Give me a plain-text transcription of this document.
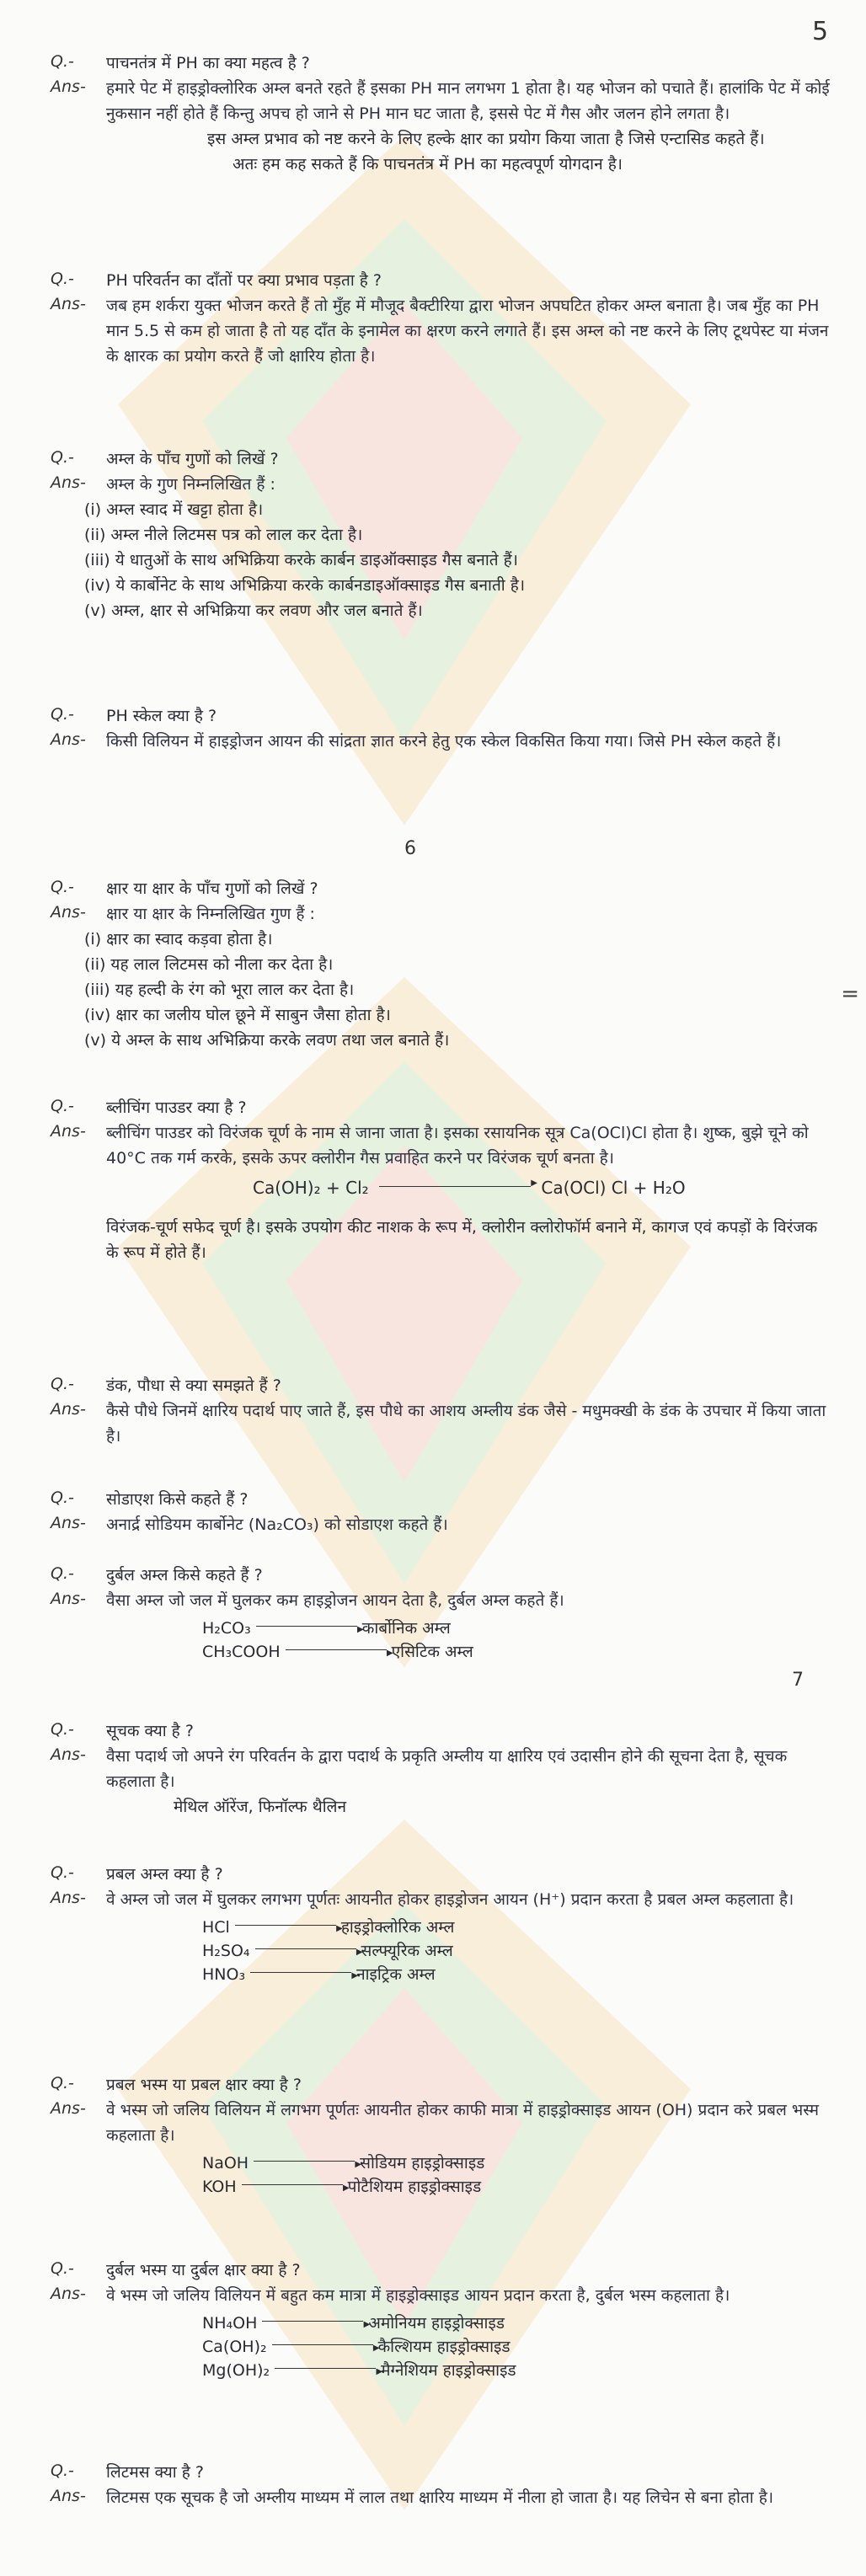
5
6
7
=
Q.-	पाचनतंत्र में PH का क्या महत्व है ?
Ans-	हमारे पेट में हाइड्रोक्लोरिक अम्ल बनते रहते हैं इसका PH मान लगभग 1 होता है। यह भोजन को पचाते हैं। हालांकि पेट में कोई नुकसान नहीं होते हैं किन्तु अपच हो जाने से PH मान घट जाता है, इससे पेट में गैस और जलन होने लगता है।
इस अम्ल प्रभाव को नष्ट करने के लिए हल्के क्षार का प्रयोग किया जाता है जिसे एन्टासिड कहते हैं।
अतः हम कह सकते हैं कि पाचनतंत्र में PH का महत्वपूर्ण योगदान है।
Q.-	PH परिवर्तन का दाँतों पर क्या प्रभाव पड़ता है ?
Ans-	जब हम शर्करा युक्त भोजन करते हैं तो मुँह में मौजूद बैक्टीरिया द्वारा भोजन अपघटित होकर अम्ल बनाता है। जब मुँह का PH मान 5.5 से कम हो जाता है तो यह दाँत के इनामेल का क्षरण करने लगाते हैं। इस अम्ल को नष्ट करने के लिए टूथपेस्ट या मंजन के क्षारक का प्रयोग करते हैं जो क्षारिय होता है।
Q.-	अम्ल के पाँच गुणों को लिखें ?
Ans-	अम्ल के गुण निम्नलिखित हैं :
(i) अम्ल स्वाद में खट्टा होता है।
(ii) अम्ल नीले लिटमस पत्र को लाल कर देता है।
(iii) ये धातुओं के साथ अभिक्रिया करके कार्बन डाइऑक्साइड गैस बनाते हैं।
(iv) ये कार्बोनेट के साथ अभिक्रिया करके कार्बनडाइऑक्साइड गैस बनाती है।
(v) अम्ल, क्षार से अभिक्रिया कर लवण और जल बनाते हैं।
Q.-	PH स्केल क्या है ?
Ans-	किसी विलियन में हाइड्रोजन आयन की सांद्रता ज्ञात करने हेतु एक स्केल विकसित किया गया। जिसे PH स्केल कहते हैं।
Q.-	क्षार या क्षार के पाँच गुणों को लिखें ?
Ans-	क्षार या क्षार के निम्नलिखित गुण हैं :
(i) क्षार का स्वाद कड़वा होता है।
(ii) यह लाल लिटमस को नीला कर देता है।
(iii) यह हल्दी के रंग को भूरा लाल कर देता है।
(iv) क्षार का जलीय घोल छूने में साबुन जैसा होता है।
(v) ये अम्ल के साथ अभिक्रिया करके लवण तथा जल बनाते हैं।
Q.-	ब्लीचिंग पाउडर क्या है ?
Ans-	ब्लीचिंग पाउडर को विरंजक चूर्ण के नाम से जाना जाता है। इसका रसायनिक सूत्र Ca(OCl)Cl होता है। शुष्क, बुझे चूने को 40°C तक गर्म करके, इसके ऊपर क्लोरीन गैस प्रवाहित करने पर विरंजक चूर्ण बनता है।
Ca(OH)₂ + Cl₂ ▶	Ca(OCl) Cl + H₂O
विरंजक-चूर्ण सफेद चूर्ण है। इसके उपयोग कीट नाशक के रूप में, क्लोरीन क्लोरोफॉर्म बनाने में, कागज एवं कपड़ों के विरंजक के रूप में होते हैं।
Q.-	डंक, पौधा से क्या समझते हैं ?
Ans-	कैसे पौधे जिनमें क्षारिय पदार्थ पाए जाते हैं, इस पौधे का आशय अम्लीय डंक जैसे - मधुमक्खी के डंक के उपचार में किया जाता है।
Q.-	सोडाएश किसे कहते हैं ?
Ans-	अनार्द्र सोडियम कार्बोनेट (Na₂CO₃) को सोडाएश कहते हैं।
Q.-	दुर्बल अम्ल किसे कहते हैं ?
Ans-	वैसा अम्ल जो जल में घुलकर कम हाइड्रोजन आयन देता है, दुर्बल अम्ल कहते हैं।
H₂CO₃ ▶	कार्बोनिक अम्ल
CH₃COOH ▶	एसिटिक अम्ल
Q.-	सूचक क्या है ?
Ans-	वैसा पदार्थ जो अपने रंग परिवर्तन के द्वारा पदार्थ के प्रकृति अम्लीय या क्षारिय एवं उदासीन होने की सूचना देता है, सूचक कहलाता है।
मेथिल ऑरेंज, फिनॉल्फ थैलिन
Q.-	प्रबल अम्ल क्या है ?
Ans-	वे अम्ल जो जल में घुलकर लगभग पूर्णतः आयनीत होकर हाइड्रोजन आयन (H⁺) प्रदान करता है प्रबल अम्ल कहलाता है।
HCl ▶	हाइड्रोक्लोरिक अम्ल
H₂SO₄ ▶	सल्फ्यूरिक अम्ल
HNO₃ ▶	नाइट्रिक अम्ल
Q.-	प्रबल भस्म या प्रबल क्षार क्या है ?
Ans-	वे भस्म जो जलिय विलियन में लगभग पूर्णतः आयनीत होकर काफी मात्रा में हाइड्रोक्साइड आयन (OH) प्रदान करे प्रबल भस्म कहलाता है।
NaOH ▶	सोडियम हाइड्रोक्साइड
KOH ▶	पोटैशियम हाइड्रोक्साइड
Q.-	दुर्बल भस्म या दुर्बल क्षार क्या है ?
Ans-	वे भस्म जो जलिय विलियन में बहुत कम मात्रा में हाइड्रोक्साइड आयन प्रदान करता है, दुर्बल भस्म कहलाता है।
NH₄OH ▶	अमोनियम हाइड्रोक्साइड
Ca(OH)₂ ▶	कैल्शियम हाइड्रोक्साइड
Mg(OH)₂ ▶	मैग्नेशियम हाइड्रोक्साइड
Q.-	लिटमस क्या है ?
Ans-	लिटमस एक सूचक है जो अम्लीय माध्यम में लाल तथा क्षारिय माध्यम में नीला हो जाता है। यह लिचेन से बना होता है।
